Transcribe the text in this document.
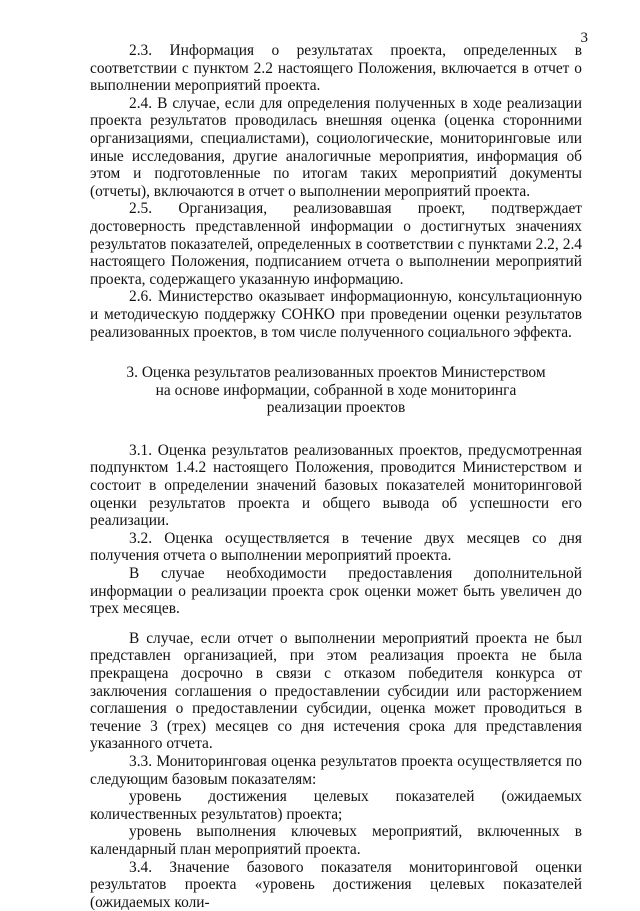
3

2.3. Информация о результатах проекта, определенных в соответствии с пунктом 2.2 настоящего Положения, включается в отчет о выполнении мероприятий проекта.

2.4. В случае, если для определения полученных в ходе реализации проекта результатов проводилась внешняя оценка (оценка сторонними организациями, специалистами), социологические, мониторинговые или иные исследования, другие аналогичные мероприятия, информация об этом и подготовленные по итогам таких мероприятий документы (отчеты), включаются в отчет о выполнении мероприятий проекта.

2.5. Организация, реализовавшая проект, подтверждает достоверность представленной информации о достигнутых значениях результатов показателей, определенных в соответствии с пунктами 2.2, 2.4 настоящего Положения, подписанием отчета о выполнении мероприятий проекта, содержащего указанную информацию.

2.6. Министерство оказывает информационную, консультационную и методическую поддержку СОНКО при проведении оценки результатов реализованных проектов, в том числе полученного социального эффекта.

3. Оценка результатов реализованных проектов Министерством
на основе информации, собранной в ходе мониторинга
реализации проектов

3.1. Оценка результатов реализованных проектов, предусмотренная подпунктом 1.4.2 настоящего Положения, проводится Министерством и состоит в определении значений базовых показателей мониторинговой оценки результатов проекта и общего вывода об успешности его реализации.

3.2. Оценка осуществляется в течение двух месяцев со дня получения отчета о выполнении мероприятий проекта.

В случае необходимости предоставления дополнительной информации о реализации проекта срок оценки может быть увеличен до трех месяцев.

В случае, если отчет о выполнении мероприятий проекта не был представлен организацией, при этом реализация проекта не была прекращена досрочно в связи с отказом победителя конкурса от заключения соглашения о предоставлении субсидии или расторжением соглашения о предоставлении субсидии, оценка может проводиться в течение 3 (трех) месяцев со дня истечения срока для представления указанного отчета.

3.3. Мониторинговая оценка результатов проекта осуществляется по следующим базовым показателям:

уровень достижения целевых показателей (ожидаемых количественных результатов) проекта;

уровень выполнения ключевых мероприятий, включенных в календарный план мероприятий проекта.

3.4. Значение базового показателя мониторинговой оценки результатов проекта «уровень достижения целевых показателей (ожидаемых коли-
